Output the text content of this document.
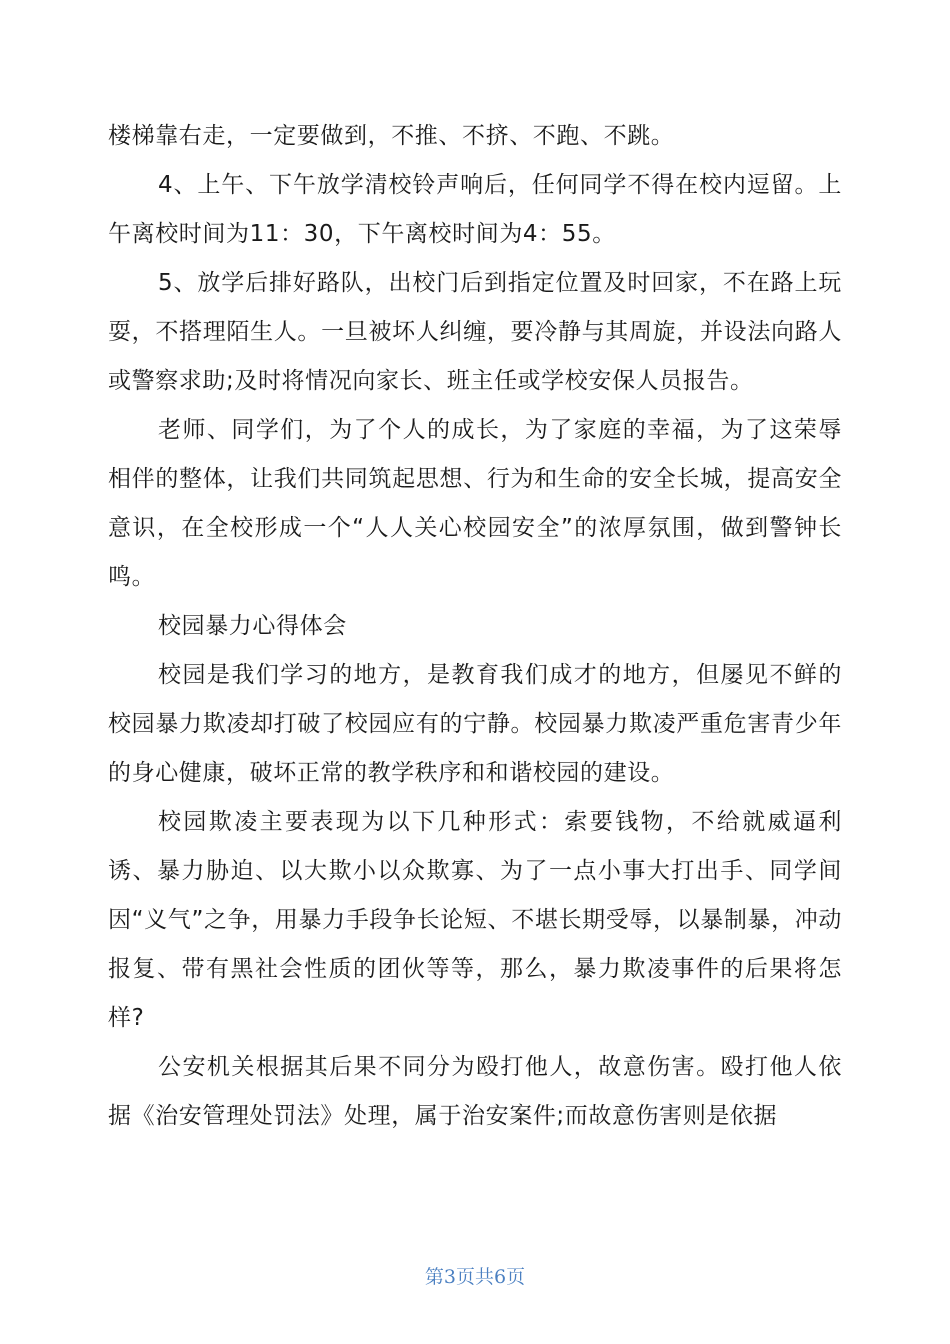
楼梯靠右走，一定要做到，不推、不挤、不跑、不跳。

4、上午、下午放学清校铃声响后，任何同学不得在校内逗留。上午离校时间为11：30，下午离校时间为4：55。

5、放学后排好路队，出校门后到指定位置及时回家，不在路上玩耍，不搭理陌生人。一旦被坏人纠缠，要冷静与其周旋，并设法向路人或警察求助;及时将情况向家长、班主任或学校安保人员报告。

老师、同学们，为了个人的成长，为了家庭的幸福，为了这荣辱相伴的整体，让我们共同筑起思想、行为和生命的安全长城，提高安全意识，在全校形成一个“人人关心校园安全”的浓厚氛围，做到警钟长鸣。

校园暴力心得体会

校园是我们学习的地方，是教育我们成才的地方，但屡见不鲜的校园暴力欺凌却打破了校园应有的宁静。校园暴力欺凌严重危害青少年的身心健康，破坏正常的教学秩序和和谐校园的建设。

校园欺凌主要表现为以下几种形式：索要钱物，不给就威逼利诱、暴力胁迫、以大欺小以众欺寡、为了一点小事大打出手、同学间因“义气”之争，用暴力手段争长论短、不堪长期受辱，以暴制暴，冲动报复、带有黑社会性质的团伙等等，那么，暴力欺凌事件的后果将怎样?

公安机关根据其后果不同分为殴打他人，故意伤害。殴打他人依据《治安管理处罚法》处理，属于治安案件;而故意伤害则是依据

第3页共6页
